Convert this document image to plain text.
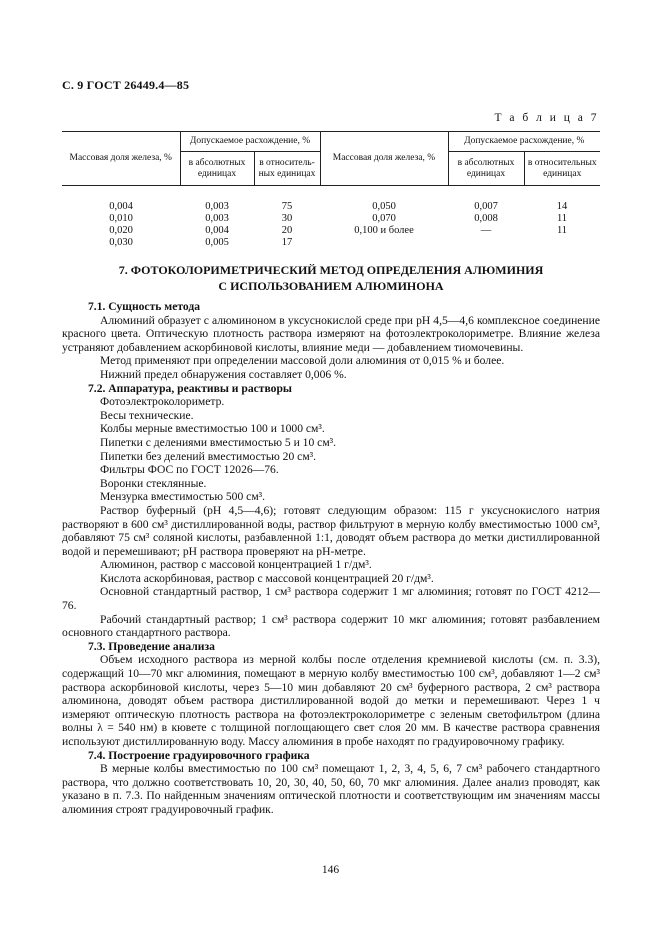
С. 9 ГОСТ 26449.4—85
Т а б л и ц а 7
Массовая доля железа, %	Допускаемое расхождение, %		Массовая доля железа, %	Допускаемое расхождение, %	
	в абсолютных единицах	в относительных единицах		в абсолютных единицах	в относительных единицах
0,004	0,003	75	0,050	0,007	14
0,010	0,003	30	0,070	0,008	11
0,020	0,004	20	0,100 и более	—	11
0,030	0,005	17			
7. ФОТОКОЛОРИМЕТРИЧЕСКИЙ МЕТОД ОПРЕДЕЛЕНИЯ АЛЮМИНИЯ
С ИСПОЛЬЗОВАНИЕМ АЛЮМИНОНА
7.1. Сущность метода

Алюминий образует с алюминоном в уксуснокислой среде при рН 4,5—4,6 комплексное соединение красного цвета. Оптическую плотность раствора измеряют на фотоэлектроколориметре. Влияние железа устраняют добавлением аскорбиновой кислоты, влияние меди — добавлением тиомочевины.

Метод применяют при определении массовой доли алюминия от 0,015 % и более.

Нижний предел обнаружения составляет 0,006 %.

7.2. Аппаратура, реактивы и растворы

Фотоэлектроколориметр.

Весы технические.

Колбы мерные вместимостью 100 и 1000 см³.

Пипетки с делениями вместимостью 5 и 10 см³.

Пипетки без делений вместимостью 20 см³.

Фильтры ФОС по ГОСТ 12026—76.

Воронки стеклянные.

Мензурка вместимостью 500 см³.

Раствор буферный (рН 4,5—4,6); готовят следующим образом: 115 г уксуснокислого натрия растворяют в 600 см³ дистиллированной воды, раствор фильтруют в мерную колбу вместимостью 1000 см³, добавляют 75 см³ соляной кислоты, разбавленной 1:1, доводят объем раствора до метки дистиллированной водой и перемешивают; рН раствора проверяют на рН-метре.

Алюминон, раствор с массовой концентрацией 1 г/дм³.

Кислота аскорбиновая, раствор с массовой концентрацией 20 г/дм³.

Основной стандартный раствор, 1 см³ раствора содержит 1 мг алюминия; готовят по ГОСТ 4212—76.

Рабочий стандартный раствор; 1 см³ раствора содержит 10 мкг алюминия; готовят разбавлением основного стандартного раствора.

7.3. Проведение анализа

Объем исходного раствора из мерной колбы после отделения кремниевой кислоты (см. п. 3.3), содержащий 10—70 мкг алюминия, помещают в мерную колбу вместимостью 100 см³, добавляют 1—2 см³ раствора аскорбиновой кислоты, через 5—10 мин добавляют 20 см³ буферного раствора, 2 см³ раствора алюминона, доводят объем раствора дистиллированной водой до метки и перемешивают. Через 1 ч измеряют оптическую плотность раствора на фотоэлектроколориметре с зеленым светофильтром (длина волны λ = 540 нм) в кювете с толщиной поглощающего свет слоя 20 мм. В качестве раствора сравнения используют дистиллированную воду. Массу алюминия в пробе находят по градуировочному графику.

7.4. Построение градуировочного графика

В мерные колбы вместимостью по 100 см³ помещают 1, 2, 3, 4, 5, 6, 7 см³ рабочего стандартного раствора, что должно соответствовать 10, 20, 30, 40, 50, 60, 70 мкг алюминия. Далее анализ проводят, как указано в п. 7.3. По найденным значениям оптической плотности и соответствующим им значениям массы алюминия строят градуировочный график.

146
